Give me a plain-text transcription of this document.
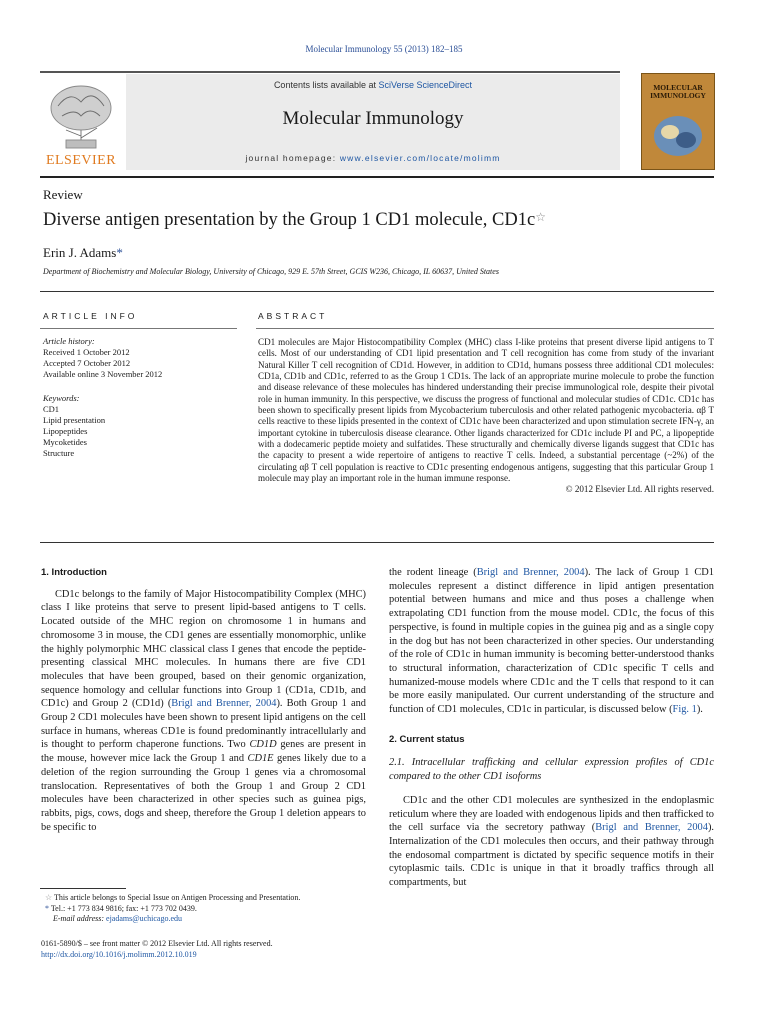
Molecular Immunology 55 (2013) 182–185
ELSEVIER
Contents lists available at SciVerse ScienceDirect
Molecular Immunology
journal homepage: www.elsevier.com/locate/molimm
MOLECULAR IMMUNOLOGY
Review
Diverse antigen presentation by the Group 1 CD1 molecule, CD1c☆
Erin J. Adams*
Department of Biochemistry and Molecular Biology, University of Chicago, 929 E. 57th Street, GCIS W236, Chicago, IL 60637, United States
ARTICLE INFO	ABSTRACT
Article history:
Received 1 October 2012
Accepted 7 October 2012
Available online 3 November 2012
Keywords:
CD1
Lipid presentation
Lipopeptides
Mycoketides
Structure
CD1 molecules are Major Histocompatibility Complex (MHC) class I-like proteins that present diverse lipid antigens to T cells. Most of our understanding of CD1 lipid presentation and T cell recognition has come from study of the invariant Natural Killer T cell recognition of CD1d. However, in addition to CD1d, humans possess three additional CD1 molecules: CD1a, CD1b and CD1c, referred to as the Group 1 CD1s. The lack of an appropriate murine molecule to probe the function and disease relevance of these molecules has hindered understanding their precise immunological role, despite their pivotal role in human immunity. In this perspective, we discuss the progress of functional and molecular studies of CD1c. CD1c has been shown to specifically present lipids from Mycobacterium tuberculosis and other related pathogenic mycobacteria. αβ T cells reactive to these lipids presented in the context of CD1c have been characterized and upon stimulation secrete IFN-γ, an important cytokine in tuberculosis disease clearance. Other ligands characterized for CD1c include PI and PC, a lipopeptide with a dodecameric peptide moiety and sulfatides. These structurally and chemically diverse ligands suggest that CD1c has the capacity to present a wide repertoire of antigens to reactive T cells. Indeed, a substantial percentage (~2%) of the circulating αβ T cell population is reactive to CD1c presenting endogenous antigens, suggesting that this particular Group 1 molecule may play an important role in the human immune response.
© 2012 Elsevier Ltd. All rights reserved.
1. Introduction
CD1c belongs to the family of Major Histocompatibility Complex (MHC) class I like proteins that serve to present lipid-based antigens to T cells. Located outside of the MHC region on chromosome 1 in humans and chromosome 3 in mouse, the CD1 genes are essentially monomorphic, unlike the highly polymorphic MHC classical class I genes that encode the peptide-presenting classical MHC molecules. In humans there are five CD1 molecules that have been grouped, based on their genomic organization, sequence homology and cellular functions into Group 1 (CD1a, CD1b, and CD1c) and Group 2 (CD1d) (Brigl and Brenner, 2004). Both Group 1 and Group 2 CD1 molecules have been shown to present lipid antigens on the cell surface in humans, whereas CD1e is found predominantly intracellularly and is thought to perform chaperone functions. Two CD1D genes are present in the mouse, however mice lack the Group 1 and CD1E genes likely due to a deletion of the region surrounding the Group 1 genes via a chromosomal translocation. Representatives of both the Group 1 and Group 2 CD1 molecules have been characterized in other species such as guinea pigs, rabbits, pigs, cows, dogs and sheep, therefore the Group 1 deletion appears to be specific to
the rodent lineage (Brigl and Brenner, 2004). The lack of Group 1 CD1 molecules represent a distinct difference in lipid antigen presentation potential between humans and mice and thus poses a challenge when extrapolating CD1 function from the mouse model. CD1c, the focus of this perspective, is found in multiple copies in the guinea pig and as a single copy in the dog but has not been characterized in other species. Our understanding of the role of CD1c in human immunity is becoming better-understood thanks to structural information, characterization of CD1c specific T cells and humanized-mouse models where CD1c and the T cells that respond to it can be more easily manipulated. Our current understanding of the structure and function of CD1 molecules, CD1c in particular, is discussed below (Fig. 1).
2. Current status
2.1. Intracellular trafficking and cellular expression profiles of CD1c compared to the other CD1 isoforms
CD1c and the other CD1 molecules are synthesized in the endoplasmic reticulum where they are loaded with endogenous lipids and then trafficked to the cell surface via the secretory pathway (Brigl and Brenner, 2004). Internalization of the CD1 molecules then occurs, and their pathway through the endosomal compartment is dictated by specific sequence motifs in their cytoplasmic tails. CD1c is unique in that it broadly traffics through all compartments, but
☆ This article belongs to Special Issue on Antigen Processing and Presentation.
* Tel.: +1 773 834 9816; fax: +1 773 702 0439.
E-mail address: ejadams@uchicago.edu
0161-5890/$ – see front matter © 2012 Elsevier Ltd. All rights reserved.
http://dx.doi.org/10.1016/j.molimm.2012.10.019
